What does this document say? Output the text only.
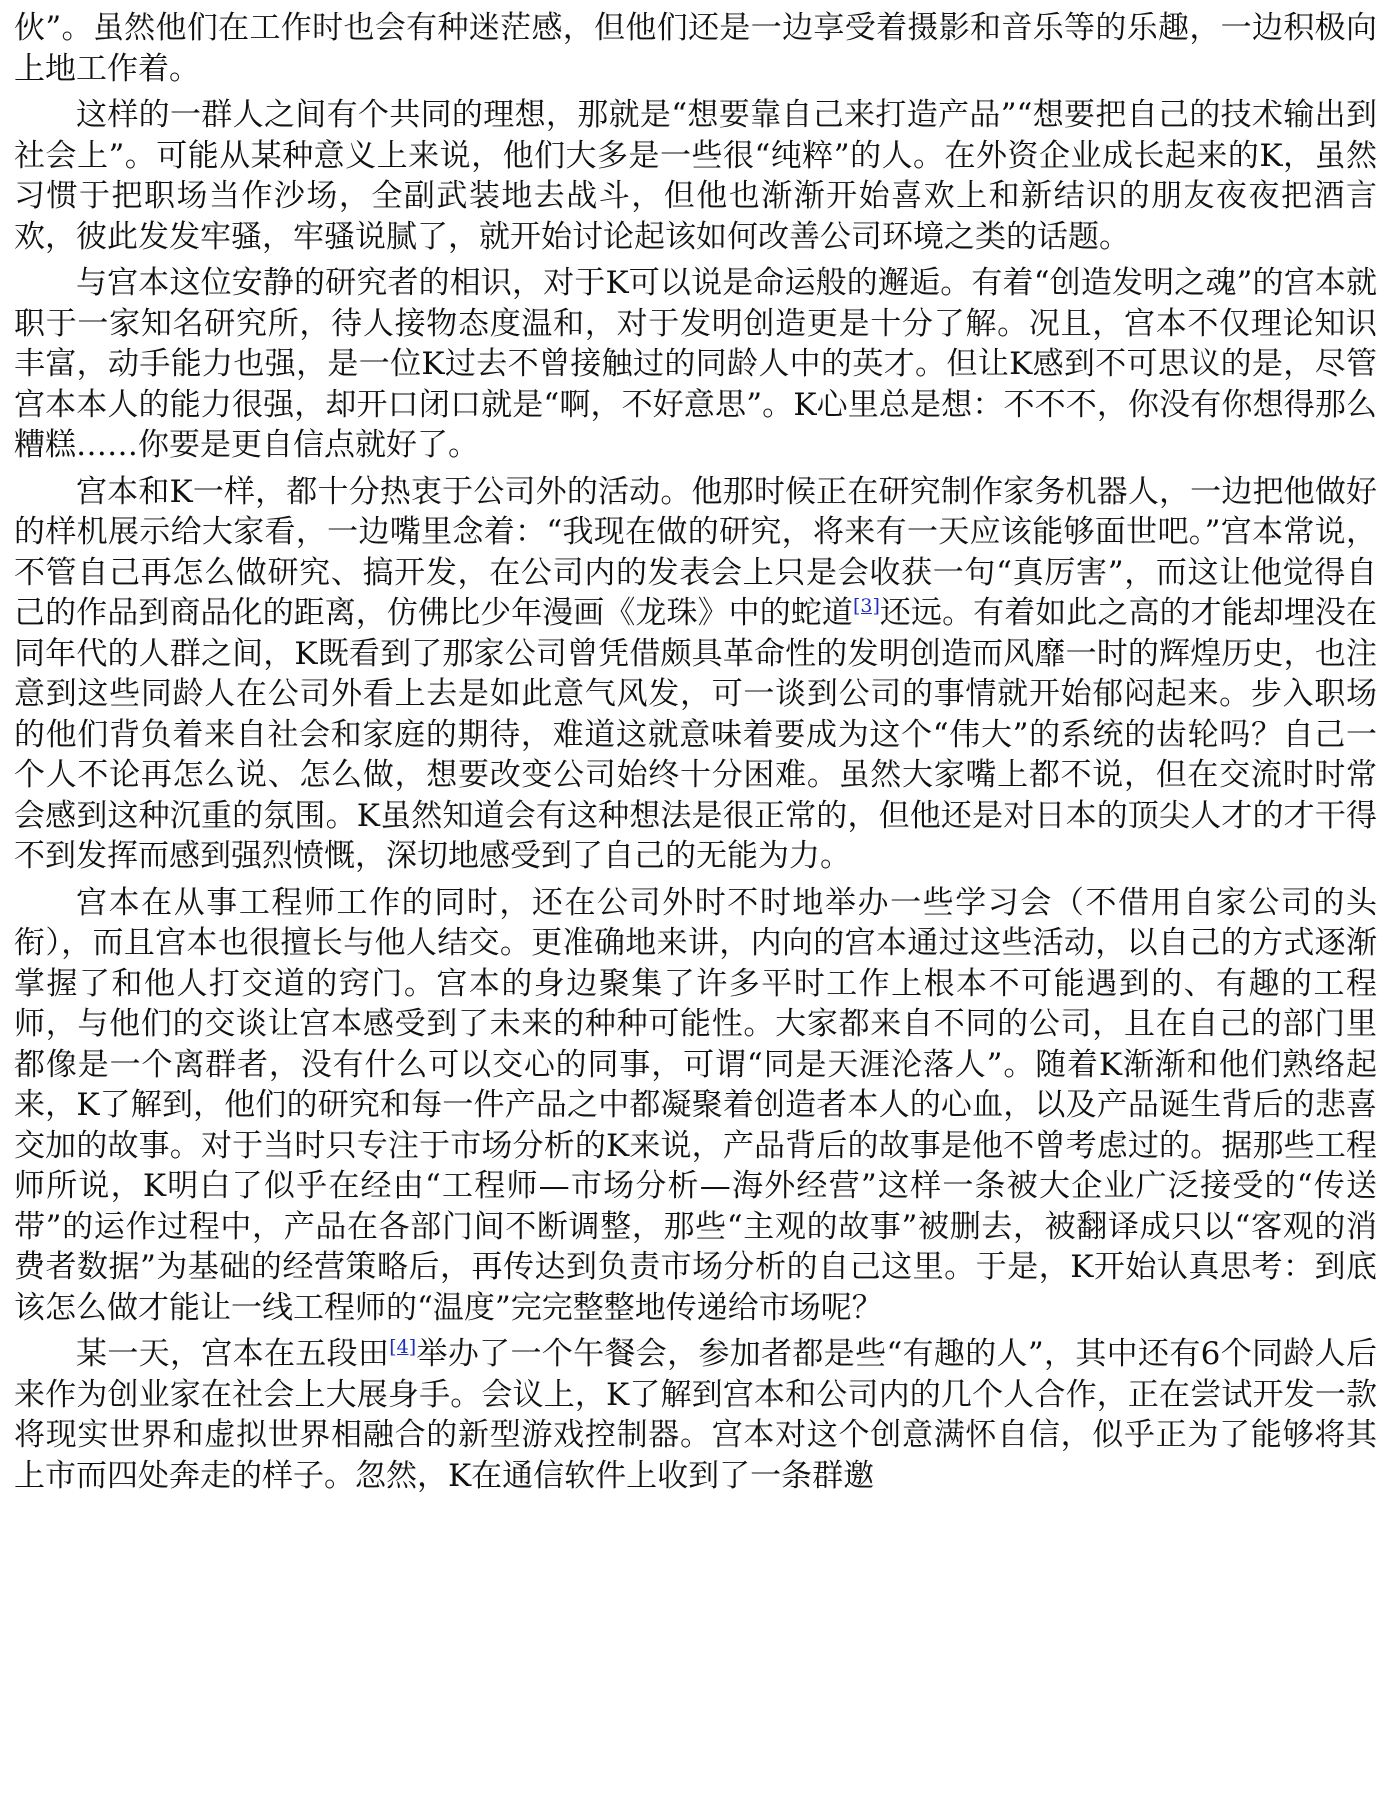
伙”。虽然他们在工作时也会有种迷茫感，但他们还是一边享受着摄影和音乐等的乐趣，一边积极向上地工作着。

这样的一群人之间有个共同的理想，那就是“想要靠自己来打造产品”“想要把自己的技术输出到社会上”。可能从某种意义上来说，他们大多是一些很“纯粹”的人。在外资企业成长起来的K，虽然习惯于把职场当作沙场，全副武装地去战斗，但他也渐渐开始喜欢上和新结识的朋友夜夜把酒言欢，彼此发发牢骚，牢骚说腻了，就开始讨论起该如何改善公司环境之类的话题。

与宫本这位安静的研究者的相识，对于K可以说是命运般的邂逅。有着“创造发明之魂”的宫本就职于一家知名研究所，待人接物态度温和，对于发明创造更是十分了解。况且，宫本不仅理论知识丰富，动手能力也强，是一位K过去不曾接触过的同龄人中的英才。但让K感到不可思议的是，尽管宫本本人的能力很强，却开口闭口就是“啊，不好意思”。K心里总是想：不不不，你没有你想得那么糟糕……你要是更自信点就好了。

宫本和K一样，都十分热衷于公司外的活动。他那时候正在研究制作家务机器人，一边把他做好的样机展示给大家看，一边嘴里念着：“我现在做的研究，将来有一天应该能够面世吧。”宫本常说，不管自己再怎么做研究、搞开发，在公司内的发表会上只是会收获一句“真厉害”，而这让他觉得自己的作品到商品化的距离，仿佛比少年漫画《龙珠》中的蛇道[3]还远。有着如此之高的才能却埋没在同年代的人群之间，K既看到了那家公司曾凭借颇具革命性的发明创造而风靡一时的辉煌历史，也注意到这些同龄人在公司外看上去是如此意气风发，可一谈到公司的事情就开始郁闷起来。步入职场的他们背负着来自社会和家庭的期待，难道这就意味着要成为这个“伟大”的系统的齿轮吗？自己一个人不论再怎么说、怎么做，想要改变公司始终十分困难。虽然大家嘴上都不说，但在交流时时常会感到这种沉重的氛围。K虽然知道会有这种想法是很正常的，但他还是对日本的顶尖人才的才干得不到发挥而感到强烈愤慨，深切地感受到了自己的无能为力。

宫本在从事工程师工作的同时，还在公司外时不时地举办一些学习会（不借用自家公司的头衔），而且宫本也很擅长与他人结交。更准确地来讲，内向的宫本通过这些活动，以自己的方式逐渐掌握了和他人打交道的窍门。宫本的身边聚集了许多平时工作上根本不可能遇到的、有趣的工程师，与他们的交谈让宫本感受到了未来的种种可能性。大家都来自不同的公司，且在自己的部门里都像是一个离群者，没有什么可以交心的同事，可谓“同是天涯沦落人”。随着K渐渐和他们熟络起来，K了解到，他们的研究和每一件产品之中都凝聚着创造者本人的心血，以及产品诞生背后的悲喜交加的故事。对于当时只专注于市场分析的K来说，产品背后的故事是他不曾考虑过的。据那些工程师所说，K明白了似乎在经由“工程师—市场分析—海外经营”这样一条被大企业广泛接受的“传送带”的运作过程中，产品在各部门间不断调整，那些“主观的故事”被删去，被翻译成只以“客观的消费者数据”为基础的经营策略后，再传达到负责市场分析的自己这里。于是，K开始认真思考：到底该怎么做才能让一线工程师的“温度”完完整整地传递给市场呢？

某一天，宫本在五段田[4]举办了一个午餐会，参加者都是些“有趣的人”，其中还有6个同龄人后来作为创业家在社会上大展身手。会议上，K了解到宫本和公司内的几个人合作，正在尝试开发一款将现实世界和虚拟世界相融合的新型游戏控制器。宫本对这个创意满怀自信，似乎正为了能够将其上市而四处奔走的样子。忽然，K在通信软件上收到了一条群邀
